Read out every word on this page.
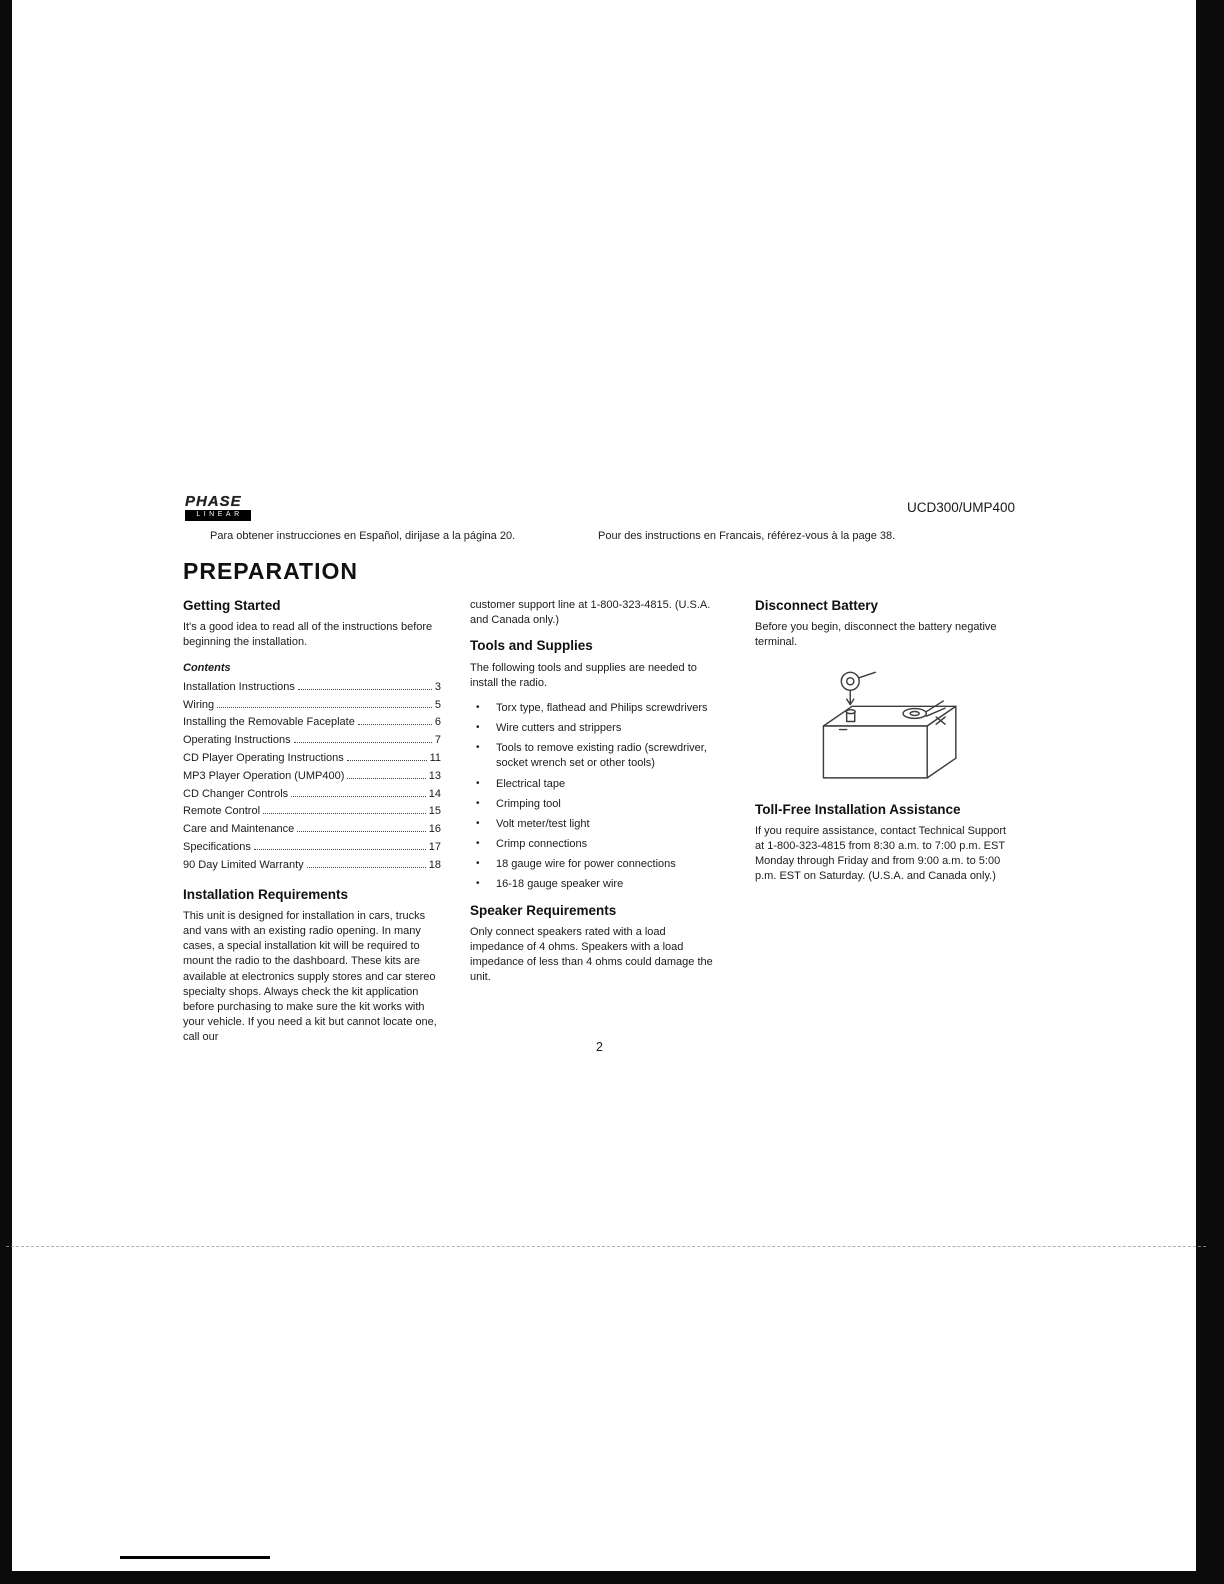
PHASE
LINEAR	UCD300/UMP400
Para obtener instrucciones en Español, dirijase a la página 20.	Pour des instructions en Francais, référez-vous à la page 38.
PREPARATION
Getting Started

It's a good idea to read all of the instructions before beginning the installation.

Contents
Installation Instructions	3
Wiring	5
Installing the Removable Faceplate	6
Operating Instructions	7
CD Player Operating Instructions	11
MP3 Player Operation (UMP400)	13
CD Changer Controls	14
Remote Control	15
Care and Maintenance	16
Specifications	17
90 Day Limited Warranty	18
Installation Requirements

This unit is designed for installation in cars, trucks and vans with an existing radio opening. In many cases, a special installation kit will be required to mount the radio to the dashboard. These kits are available at electronics supply stores and car stereo specialty shops. Always check the kit application before purchasing to make sure the kit works with your vehicle. If you need a kit but cannot locate one, call our

customer support line at 1-800-323-4815. (U.S.A. and Canada only.)

Tools and Supplies

The following tools and supplies are needed to install the radio.

• Torx type, flathead and Philips screwdrivers
• Wire cutters and strippers
• Tools to remove existing radio (screwdriver, socket wrench set or other tools)
• Electrical tape
• Crimping tool
• Volt meter/test light
• Crimp connections
• 18 gauge wire for power connections
• 16-18 gauge speaker wire
Speaker Requirements

Only connect speakers rated with a load impedance of 4 ohms. Speakers with a load impedance of less than 4 ohms could damage the unit.

Disconnect Battery

Before you begin, disconnect the battery negative terminal.

Toll-Free Installation Assistance

If you require assistance, contact Technical Support at 1-800-323-4815 from 8:30 a.m. to 7:00 p.m. EST Monday through Friday and from 9:00 a.m. to 5:00 p.m. EST on Saturday. (U.S.A. and Canada only.)

2
